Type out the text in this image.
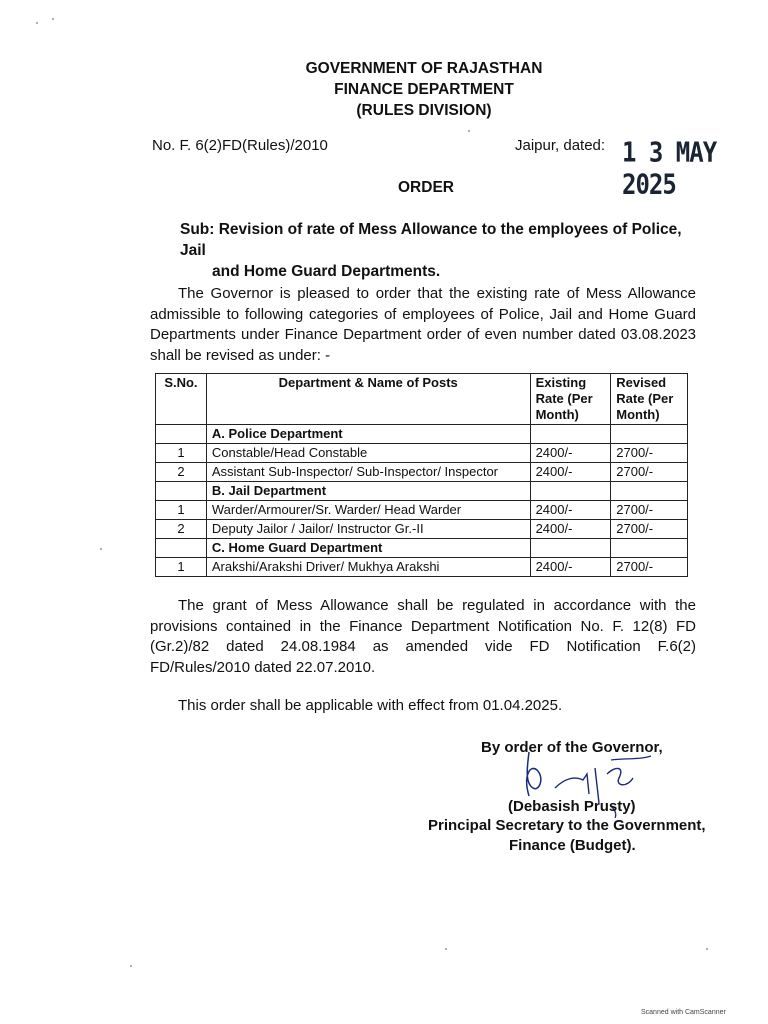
GOVERNMENT OF RAJASTHAN
FINANCE DEPARTMENT
(RULES DIVISION)
No. F. 6(2)FD(Rules)/2010	Jaipur, dated: 1 3 MAY 2025
ORDER
Sub: Revision of rate of Mess Allowance to the employees of Police, Jail
and Home Guard Departments.
The Governor is pleased to order that the existing rate of Mess Allowance admissible to following categories of employees of Police, Jail and Home Guard Departments under Finance Department order of even number dated 03.08.2023 shall be revised as under: -
S.No.	Department & Name of Posts	Existing Rate (Per Month)	Revised Rate (Per Month)
	A. Police Department		
1	Constable/Head Constable	2400/-	2700/-
2	Assistant Sub-Inspector/ Sub-Inspector/ Inspector	2400/-	2700/-
	B. Jail Department		
1	Warder/Armourer/Sr. Warder/ Head Warder	2400/-	2700/-
2	Deputy Jailor / Jailor/ Instructor Gr.-II	2400/-	2700/-
	C. Home Guard Department		
1	Arakshi/Arakshi Driver/ Mukhya Arakshi	2400/-	2700/-
The grant of Mess Allowance shall be regulated in accordance with the provisions contained in the Finance Department Notification No. F. 12(8) FD (Gr.2)/82 dated 24.08.1984 as amended vide FD Notification F.6(2) FD/Rules/2010 dated 22.07.2010.
This order shall be applicable with effect from 01.04.2025.
By order of the Governor,
(Debasish Prusty)
Principal Secretary to the Government,
Finance (Budget).
Scanned with CamScanner
